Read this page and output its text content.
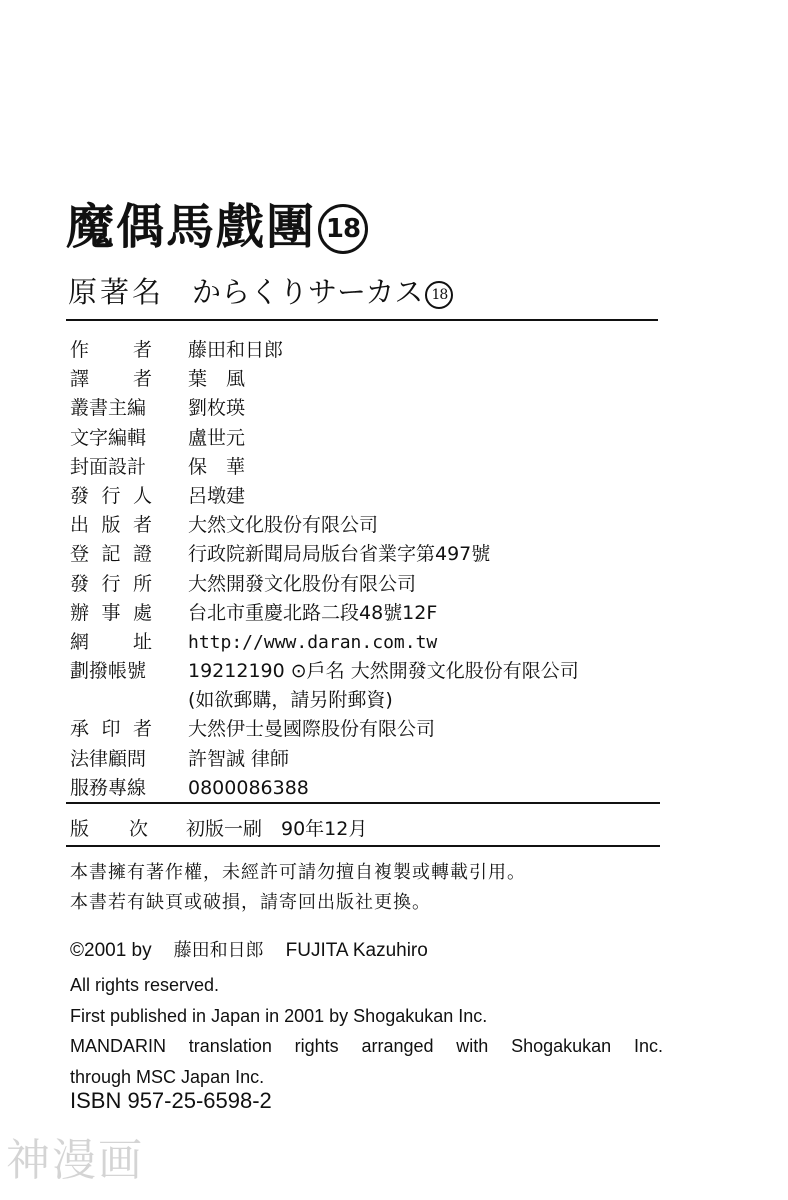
魔偶馬戲團 18
原著名 からくりサーカス 18
作　者 藤田和日郎
譯　者 葉　風
叢書主編 劉枚瑛
文字編輯 盧世元
封面設計 保　華
發行人 呂墩建
出版者 大然文化股份有限公司
登記證 行政院新聞局局版台省業字第497號
發行所 大然開發文化股份有限公司
辦事處 台北市重慶北路二段48號12F
網　址 http://www.daran.com.tw
劃撥帳號 19212190 ⊙戶名 大然開發文化股份有限公司
(如欲郵購，請另附郵資)
承印者 大然伊士曼國際股份有限公司
法律顧問 許智誠 律師
服務專線 0800086388
版　次 初版一刷　90年12月
本書擁有著作權，未經許可請勿擅自複製或轉載引用。
本書若有缺頁或破損，請寄回出版社更換。
©2001 by 藤田和日郎 FUJITA Kazuhiro
All rights reserved.
First published in Japan in 2001 by Shogakukan Inc.
MANDARIN translation rights arranged with Shogakukan Inc.
through MSC Japan Inc.
ISBN 957-25-6598-2
神漫画
